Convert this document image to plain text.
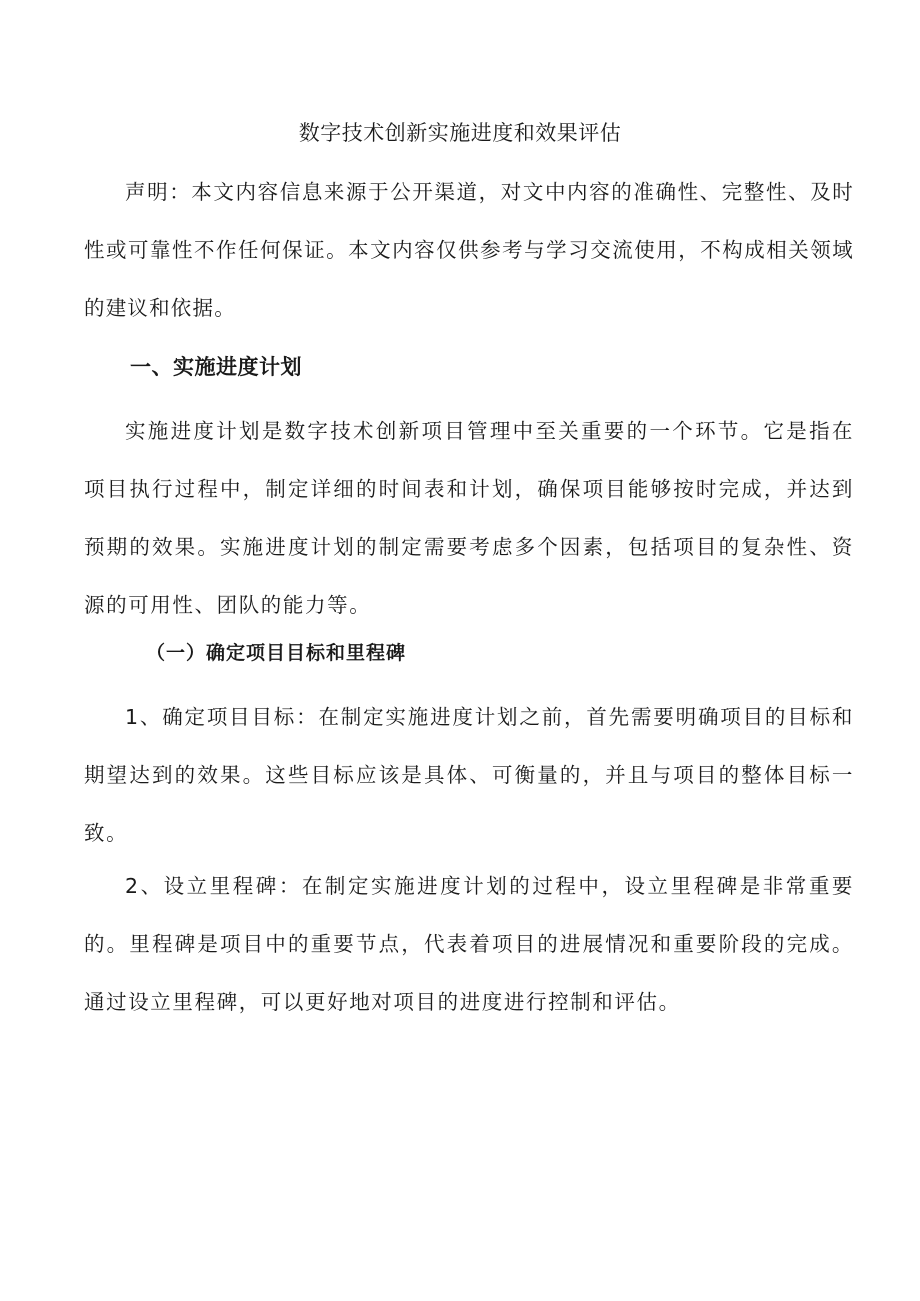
数字技术创新实施进度和效果评估

声明：本文内容信息来源于公开渠道，对文中内容的准确性、完整性、及时性或可靠性不作任何保证。本文内容仅供参考与学习交流使用，不构成相关领域的建议和依据。

一、实施进度计划

实施进度计划是数字技术创新项目管理中至关重要的一个环节。它是指在项目执行过程中，制定详细的时间表和计划，确保项目能够按时完成，并达到预期的效果。实施进度计划的制定需要考虑多个因素，包括项目的复杂性、资源的可用性、团队的能力等。

（一）确定项目目标和里程碑

1、确定项目目标：在制定实施进度计划之前，首先需要明确项目的目标和期望达到的效果。这些目标应该是具体、可衡量的，并且与项目的整体目标一致。

2、设立里程碑：在制定实施进度计划的过程中，设立里程碑是非常重要的。里程碑是项目中的重要节点，代表着项目的进展情况和重要阶段的完成。通过设立里程碑，可以更好地对项目的进度进行控制和评估。
